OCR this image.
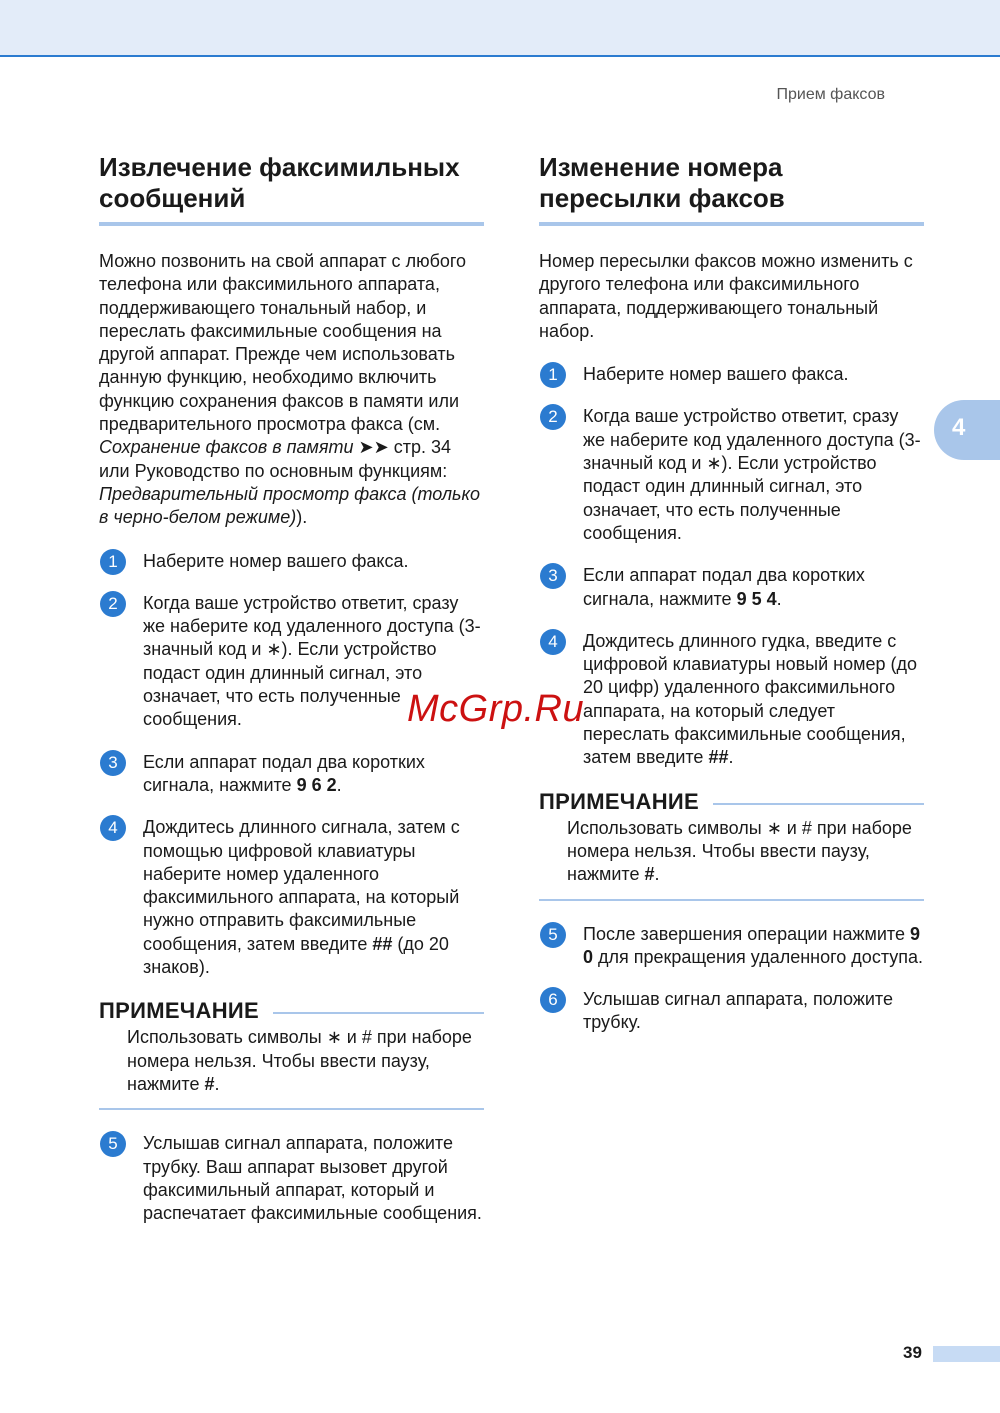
Прием факсов
4
Извлечение факсимильных сообщений

Можно позвонить на свой аппарат с любого телефона или факсимильного аппарата, поддерживающего тональный набор, и переслать факсимильные сообщения на другой аппарат. Прежде чем использовать данную функцию, необходимо включить функцию сохранения факсов в памяти или предварительного просмотра факса (см. Сохранение факсов в памяти ➤➤ стр. 34 или Руководство по основным функциям: Предварительный просмотр факса (только в черно-белом режиме)).

1	Наберите номер вашего факса.
2	Когда ваше устройство ответит, сразу же наберите код удаленного доступа (3-значный код и ∗). Если устройство подаст один длинный сигнал, это означает, что есть полученные сообщения.
3	Если аппарат подал два коротких сигнала, нажмите 9 6 2.
4	Дождитесь длинного сигнала, затем с помощью цифровой клавиатуры наберите номер удаленного факсимильного аппарата, на который нужно отправить факсимильные сообщения, затем введите ## (до 20 знаков).
ПРИМЕЧАНИЕ
Использовать символы ∗ и # при наборе номера нельзя. Чтобы ввести паузу, нажмите #.
5	Услышав сигнал аппарата, положите трубку. Ваш аппарат вызовет другой факсимильный аппарат, который и распечатает факсимильные сообщения.
Изменение номера пересылки факсов

Номер пересылки факсов можно изменить с другого телефона или факсимильного аппарата, поддерживающего тональный набор.

1	Наберите номер вашего факса.
2	Когда ваше устройство ответит, сразу же наберите код удаленного доступа (3-значный код и ∗). Если устройство подаст один длинный сигнал, это означает, что есть полученные сообщения.
3	Если аппарат подал два коротких сигнала, нажмите 9 5 4.
4	Дождитесь длинного гудка, введите с цифровой клавиатуры новый номер (до 20 цифр) удаленного факсимильного аппарата, на который следует переслать факсимильные сообщения, затем введите ##.
ПРИМЕЧАНИЕ
Использовать символы ∗ и # при наборе номера нельзя. Чтобы ввести паузу, нажмите #.
5	После завершения операции нажмите 9 0 для прекращения удаленного доступа.
6	Услышав сигнал аппарата, положите трубку.
McGrp.Ru
39
